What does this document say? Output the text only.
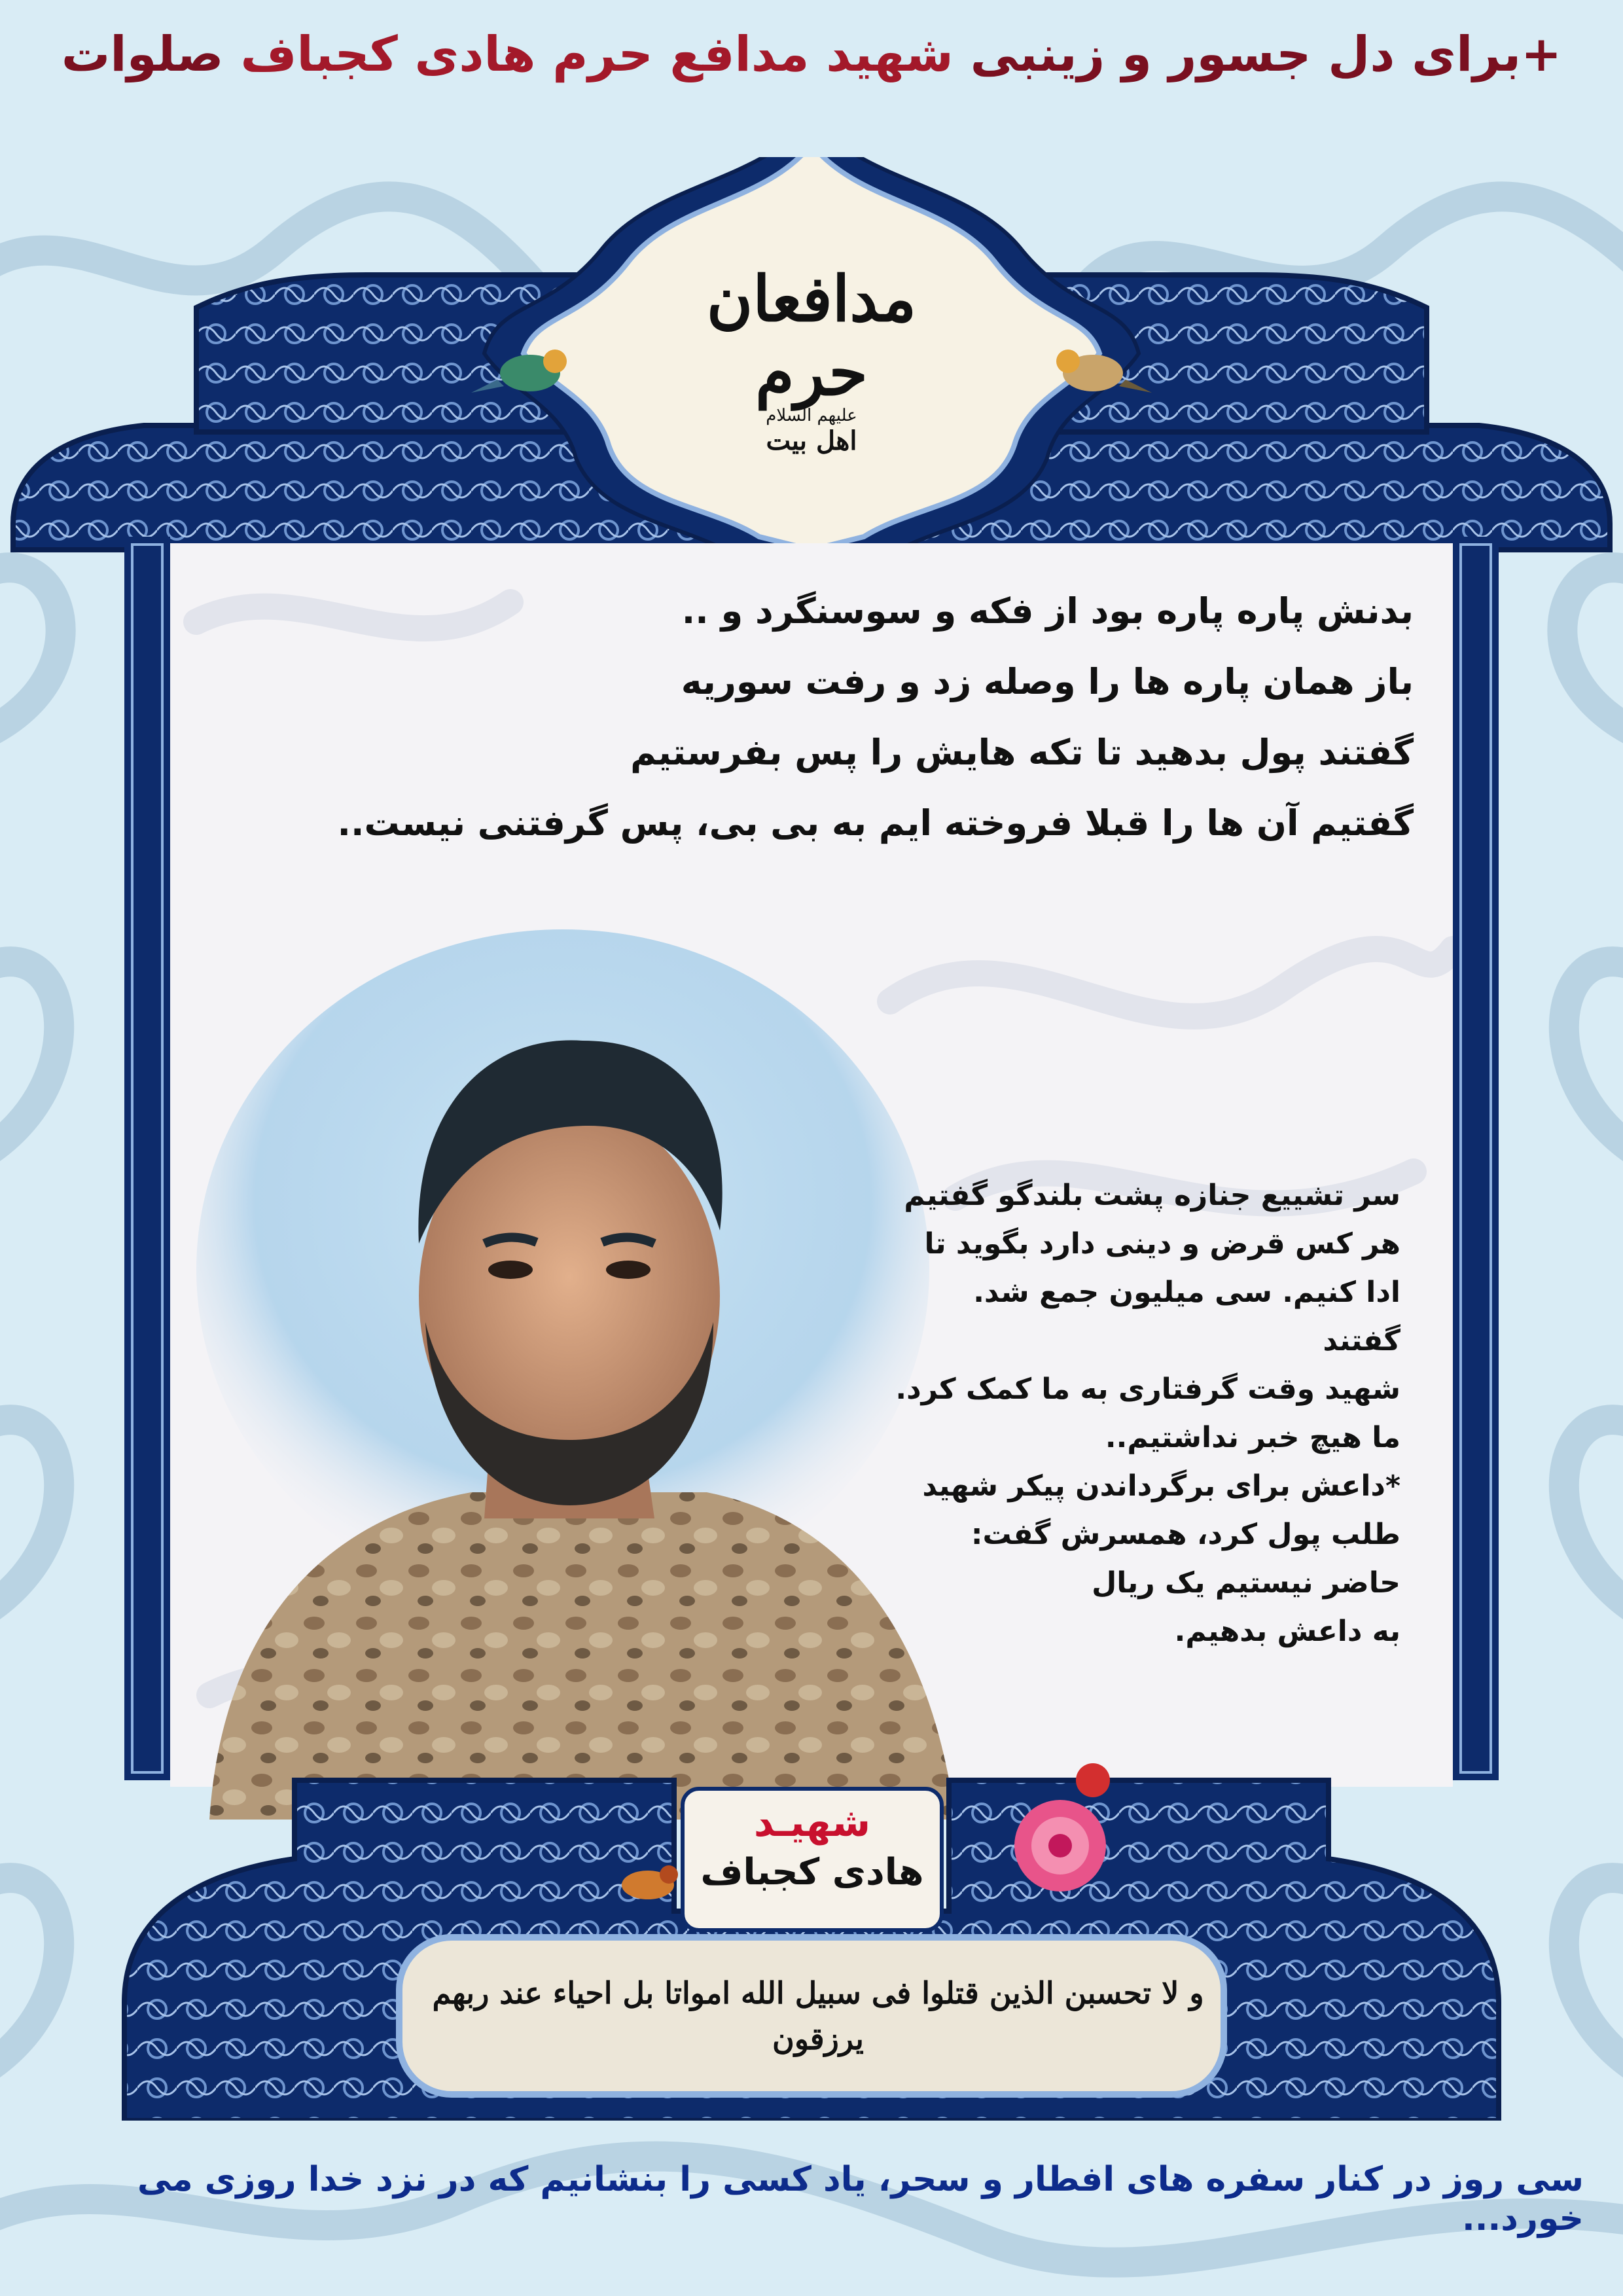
+برای دل جسور و زینبی شهید مدافع حرم هادی کجباف صلوات
مدافعان حرم
علیهم السلام
اهل بیت
بدنش پاره پاره بود از فکه و سوسنگرد و ..
باز همان پاره ها را وصله زد و رفت سوریه
گفتند پول بدهید تا تکه هایش را پس بفرستیم
گفتیم آن ها را قبلا فروخته ایم به بی بی، پس گرفتنی نیست..
سر تشییع جنازه پشت بلندگو گفتیم
هر کس قرض و دینی دارد بگوید تا
ادا کنیم. سی میلیون جمع شد. گفتند
شهید وقت گرفتاری به ما کمک کرد.
ما هیچ خبر نداشتیم..
*داعش برای برگرداندن پیکر شهید
طلب پول کرد، همسرش گفت:
حاضر نیستیم یک ریال
به داعش بدهیم.
و لا تحسبن الذین قتلوا فی سبیل الله امواتا بل احیاء عند ربهم یرزقون
شهیـد
هادی کجباف
سی روز در کنار سفره های افطار و سحر، یاد کسی را بنشانیم که در نزد خدا روزی می خورد...
